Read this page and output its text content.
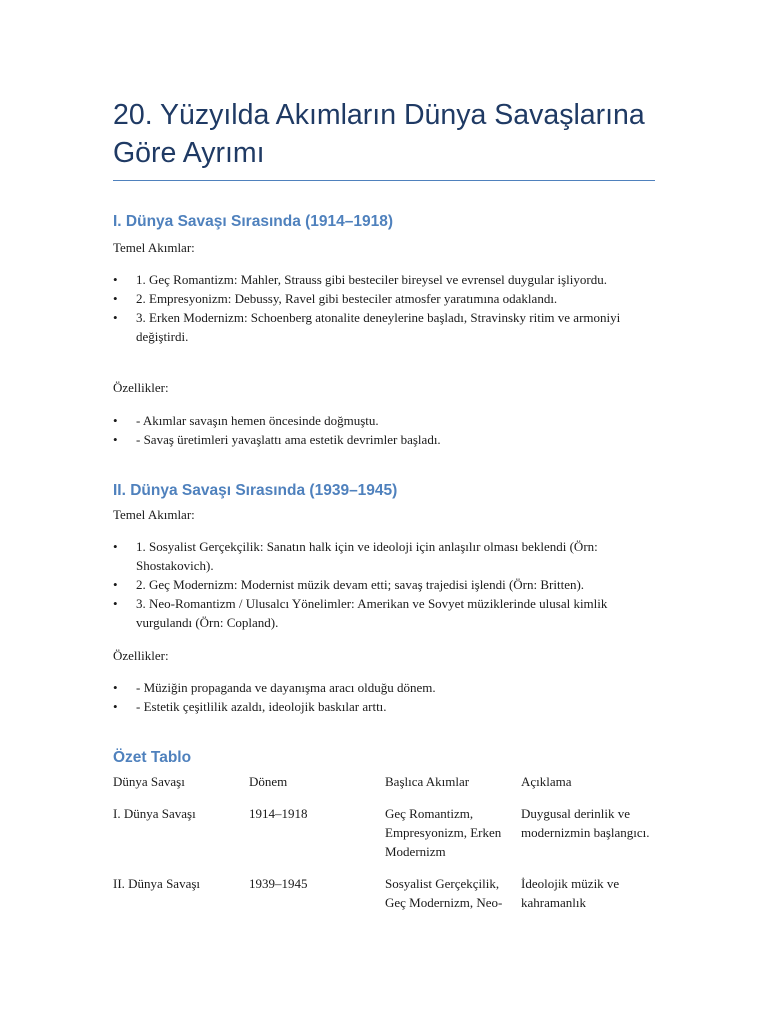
20. Yüzyılda Akımların Dünya Savaşlarına Göre Ayrımı
I. Dünya Savaşı Sırasında (1914–1918)

Temel Akımlar:

• 1. Geç Romantizm: Mahler, Strauss gibi besteciler bireysel ve evrensel duygular işliyordu.
• 2. Empresyonizm: Debussy, Ravel gibi besteciler atmosfer yaratımına odaklandı.
• 3. Erken Modernizm: Schoenberg atonalite deneylerine başladı, Stravinsky ritim ve armoniyi değiştirdi.

Özellikler:

• - Akımlar savaşın hemen öncesinde doğmuştu.
• - Savaş üretimleri yavaşlattı ama estetik devrimler başladı.
II. Dünya Savaşı Sırasında (1939–1945)

Temel Akımlar:

• 1. Sosyalist Gerçekçilik: Sanatın halk için ve ideoloji için anlaşılır olması beklendi (Örn: Shostakovich).
• 2. Geç Modernizm: Modernist müzik devam etti; savaş trajedisi işlendi (Örn: Britten).
• 3. Neo-Romantizm / Ulusalcı Yönelimler: Amerikan ve Sovyet müziklerinde ulusal kimlik vurgulandı (Örn: Copland).

Özellikler:

• - Müziğin propaganda ve dayanışma aracı olduğu dönem.
• - Estetik çeşitlilik azaldı, ideolojik baskılar arttı.
Özet Tablo
Dünya Savaşı	Dönem	Başlıca Akımlar	Açıklama
I. Dünya Savaşı	1914–1918	Geç Romantizm, Empresyonizm, Erken Modernizm	Duygusal derinlik ve modernizmin başlangıcı.
II. Dünya Savaşı	1939–1945	Sosyalist Gerçekçilik, Geç Modernizm, Neo-	İdeolojik müzik ve kahramanlık
